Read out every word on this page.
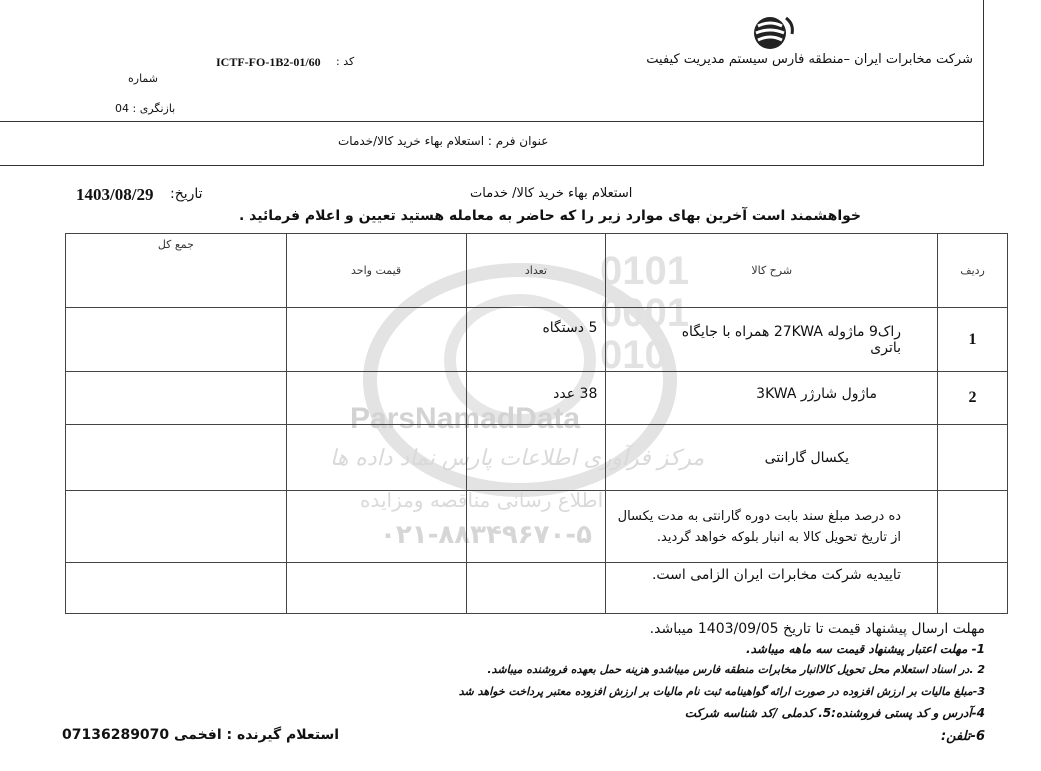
شرکت مخابرات ایران –منطقه فارس سیستم مدیریت کیفیت
ICTF-FO-1B2-01/60 کد :
شماره
بازنگری : 04
عنوان فرم : استعلام بهاء خرید کالا/خدمات
استعلام بهاء خرید کالا/ خدمات
تاریخ:
1403/08/29
خواهشمند است آخرین بهای موارد زیر را که حاضر به معامله هستید تعیین و اعلام فرمائید .
0101 0001 010
ParsNamadData
مرکز فرآوری اطلاعات پارس نماد داده ها
اطلاع رسانی مناقصه ومزایده
۰۲۱-۸۸۳۴۹۶۷۰-۵
ردیف	شرح کالا	تعداد	قیمت واحد	جمع کل
1	راک9 ماژوله 27KWA همراه با جایگاه باتری	5 دستگاه		
2	ماژول شارژر 3KWA	38 عدد		
	یکسال گارانتی			
	ده درصد مبلغ سند بابت دوره گارانتی به مدت یکسال از تاریخ تحویل کالا به انبار بلوکه خواهد گردید.			
	تاییدیه شرکت مخابرات ایران الزامی است.			
مهلت ارسال پیشنهاد قیمت تا تاریخ 1403/09/05 میباشد.
1- مهلت اعتبار پیشنهاد قیمت سه ماهه میباشد.
2 .در اسناد استعلام محل تحویل کالاانبار مخابرات منطقه فارس میباشدو هزینه حمل بعهده فروشنده میباشد.
3-مبلغ مالیات بر ارزش افزوده در صورت ارائه گواهینامه ثبت نام مالیات بر ارزش افزوده معتبر پرداخت خواهد شد
4-آدرس و کد پستی فروشنده:5. کدملی /کد شناسه شرکت
6-تلفن:
استعلام گیرنده : افخمی 07136289070
